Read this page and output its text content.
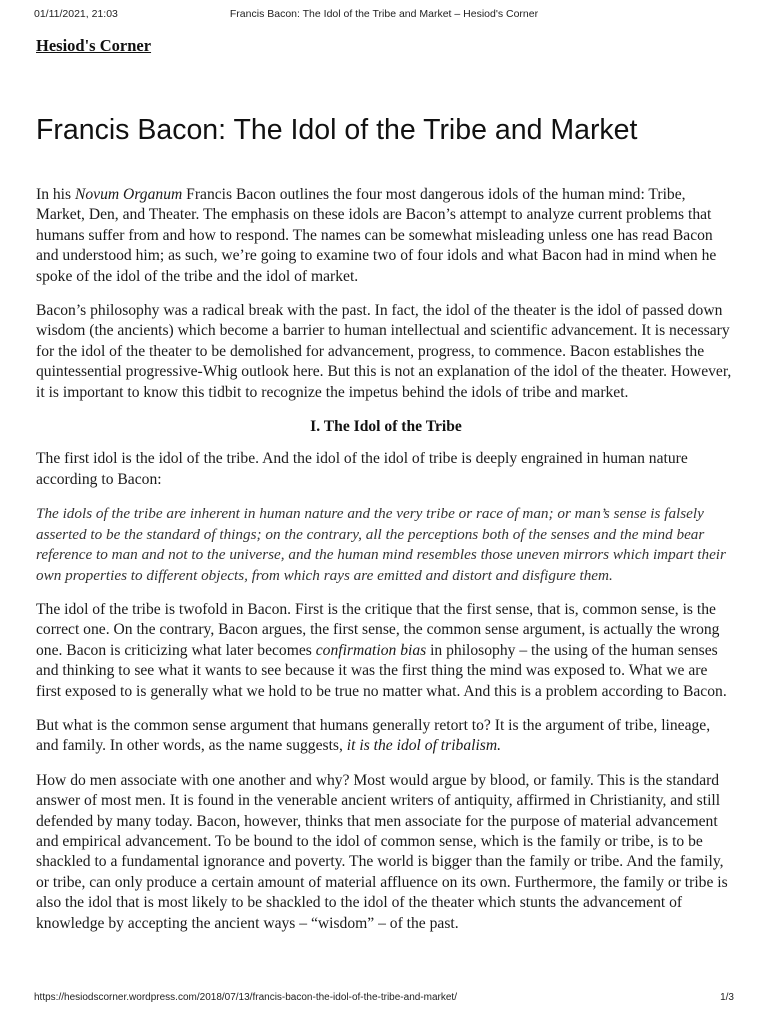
01/11/2021, 21:03	Francis Bacon: The Idol of the Tribe and Market – Hesiod's Corner
Hesiod's Corner
Francis Bacon: The Idol of the Tribe and Market

In his Novum Organum Francis Bacon outlines the four most dangerous idols of the human mind: Tribe, Market, Den, and Theater. The emphasis on these idols are Bacon’s attempt to analyze current problems that humans suffer from and how to respond. The names can be somewhat misleading unless one has read Bacon and understood him; as such, we’re going to examine two of four idols and what Bacon had in mind when he spoke of the idol of the tribe and the idol of market.

Bacon’s philosophy was a radical break with the past. In fact, the idol of the theater is the idol of passed down wisdom (the ancients) which become a barrier to human intellectual and scientific advancement. It is necessary for the idol of the theater to be demolished for advancement, progress, to commence. Bacon establishes the quintessential progressive-Whig outlook here. But this is not an explanation of the idol of the theater. However, it is important to know this tidbit to recognize the impetus behind the idols of tribe and market.

I. The Idol of the Tribe

The first idol is the idol of the tribe. And the idol of the idol of tribe is deeply engrained in human nature according to Bacon:

The idols of the tribe are inherent in human nature and the very tribe or race of man; or man’s sense is falsely asserted to be the standard of things; on the contrary, all the perceptions both of the senses and the mind bear reference to man and not to the universe, and the human mind resembles those uneven mirrors which impart their own properties to different objects, from which rays are emitted and distort and disfigure them.

The idol of the tribe is twofold in Bacon. First is the critique that the first sense, that is, common sense, is the correct one. On the contrary, Bacon argues, the first sense, the common sense argument, is actually the wrong one. Bacon is criticizing what later becomes confirmation bias in philosophy – the using of the human senses and thinking to see what it wants to see because it was the first thing the mind was exposed to. What we are first exposed to is generally what we hold to be true no matter what. And this is a problem according to Bacon.

But what is the common sense argument that humans generally retort to? It is the argument of tribe, lineage, and family. In other words, as the name suggests, it is the idol of tribalism.

How do men associate with one another and why? Most would argue by blood, or family. This is the standard answer of most men. It is found in the venerable ancient writers of antiquity, affirmed in Christianity, and still defended by many today. Bacon, however, thinks that men associate for the purpose of material advancement and empirical advancement. To be bound to the idol of common sense, which is the family or tribe, is to be shackled to a fundamental ignorance and poverty. The world is bigger than the family or tribe. And the family, or tribe, can only produce a certain amount of material affluence on its own. Furthermore, the family or tribe is also the idol that is most likely to be shackled to the idol of the theater which stunts the advancement of knowledge by accepting the ancient ways – “wisdom” – of the past.

https://hesiodscorner.wordpress.com/2018/07/13/francis-bacon-the-idol-of-the-tribe-and-market/	1/3
